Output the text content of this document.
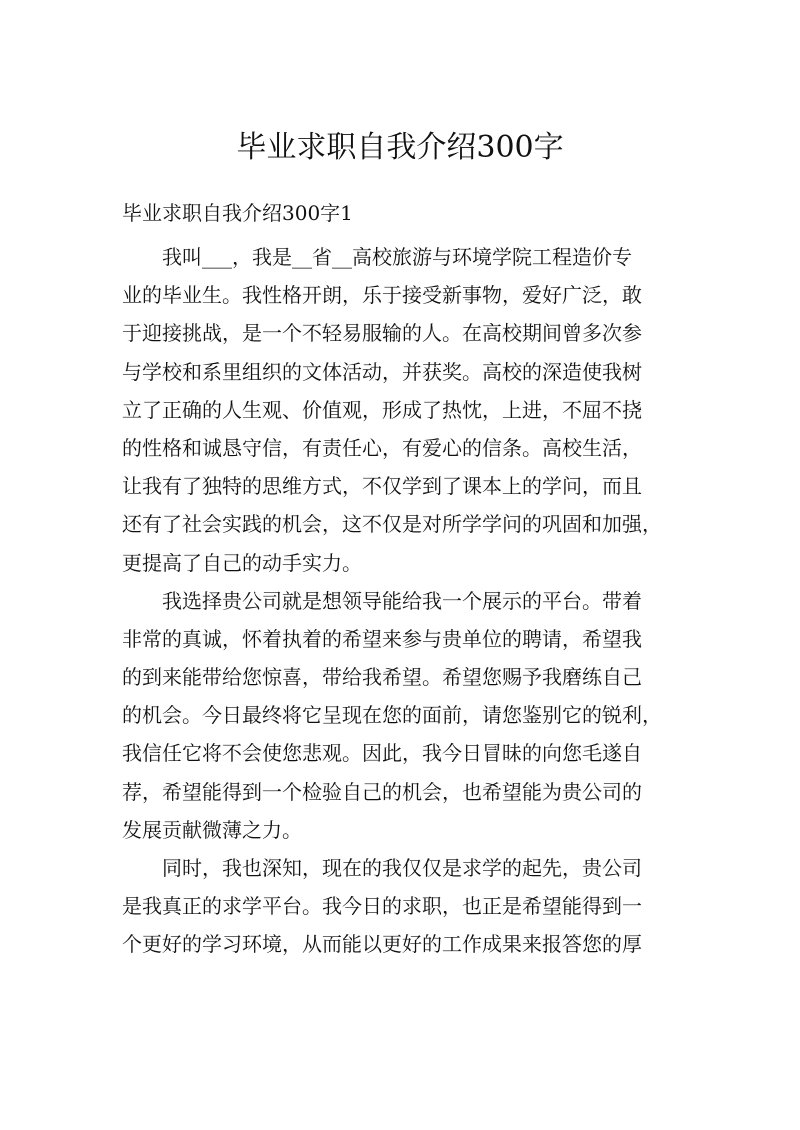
毕业求职自我介绍300字

毕业求职自我介绍300字1

我叫___，我是__省__高校旅游与环境学院工程造价专
业的毕业生。我性格开朗，乐于接受新事物，爱好广泛，敢
于迎接挑战，是一个不轻易服输的人。在高校期间曾多次参
与学校和系里组织的文体活动，并获奖。高校的深造使我树
立了正确的人生观、价值观，形成了热忱，上进，不屈不挠
的性格和诚恳守信，有责任心，有爱心的信条。高校生活，
让我有了独特的思维方式，不仅学到了课本上的学问，而且
还有了社会实践的机会，这不仅是对所学学问的巩固和加强，
更提高了自己的动手实力。
我选择贵公司就是想领导能给我一个展示的平台。带着
非常的真诚，怀着执着的希望来参与贵单位的聘请，希望我
的到来能带给您惊喜，带给我希望。希望您赐予我磨练自己
的机会。今日最终将它呈现在您的面前，请您鉴别它的锐利，
我信任它将不会使您悲观。因此，我今日冒昧的向您毛遂自
荐，希望能得到一个检验自己的机会，也希望能为贵公司的
发展贡献微薄之力。
同时，我也深知，现在的我仅仅是求学的起先，贵公司
是我真正的求学平台。我今日的求职，也正是希望能得到一
个更好的学习环境，从而能以更好的工作成果来报答您的厚
